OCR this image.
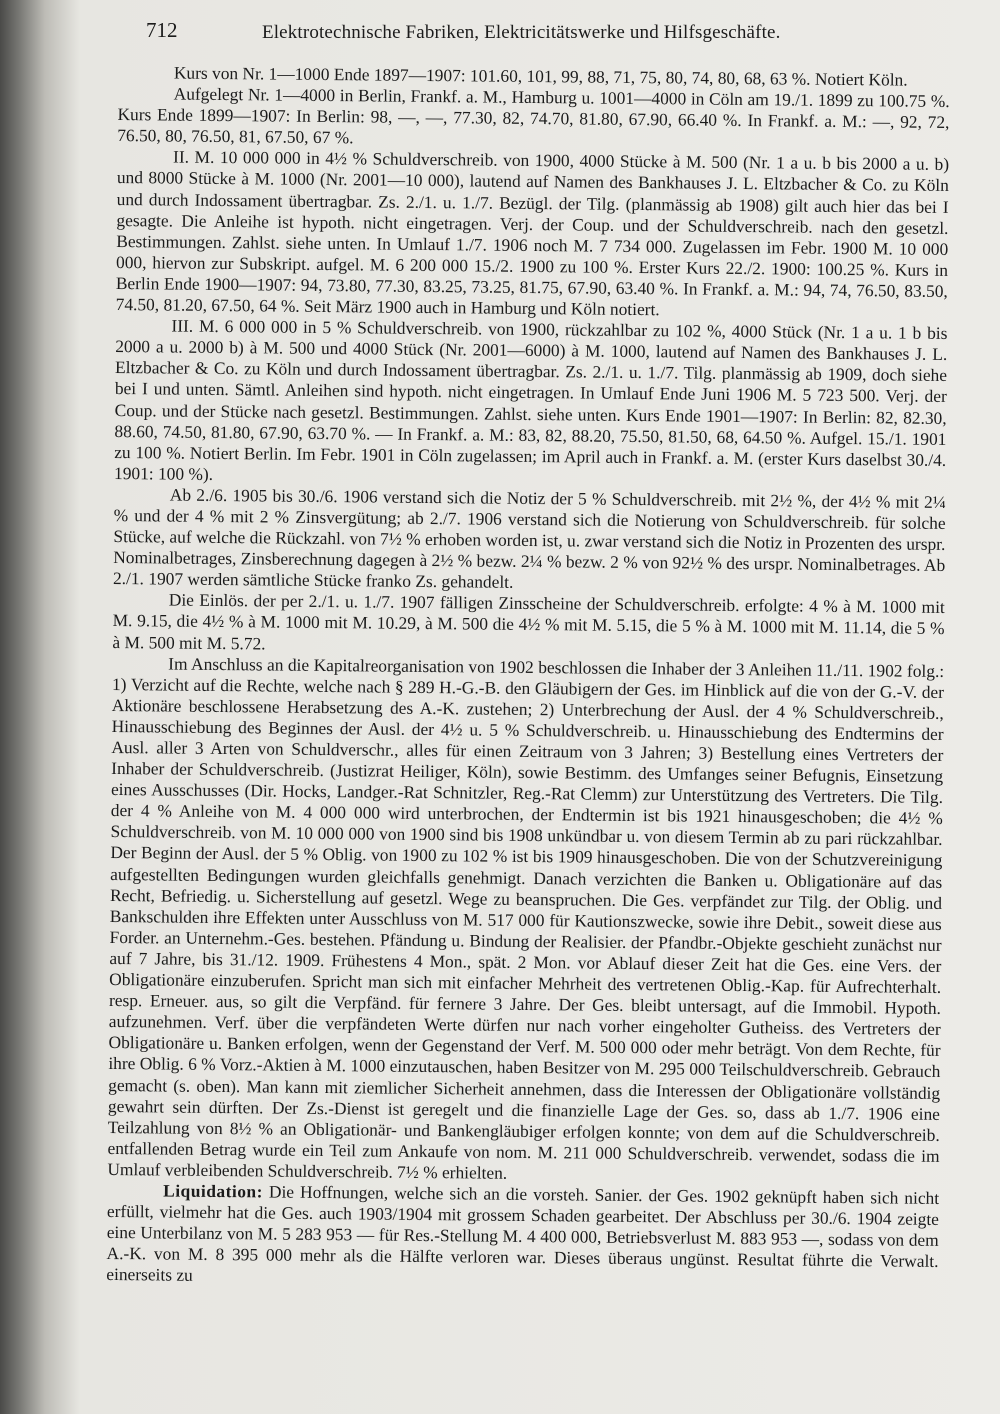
712	Elektrotechnische Fabriken, Elektricitätswerke und Hilfsgeschäfte.

Kurs von Nr. 1—1000 Ende 1897—1907: 101.60, 101, 99, 88, 71, 75, 80, 74, 80, 68, 63 %. Notiert Köln.

Aufgelegt Nr. 1—4000 in Berlin, Frankf. a. M., Hamburg u. 1001—4000 in Cöln am 19./1. 1899 zu 100.75 %. Kurs Ende 1899—1907: In Berlin: 98, —, —, 77.30, 82, 74.70, 81.80, 67.90, 66.40 %. In Frankf. a. M.: —, 92, 72, 76.50, 80, 76.50, 81, 67.50, 67 %.

II. M. 10 000 000 in 4½ % Schuldverschreib. von 1900, 4000 Stücke à M. 500 (Nr. 1 a u. b bis 2000 a u. b) und 8000 Stücke à M. 1000 (Nr. 2001—10 000), lautend auf Namen des Bankhauses J. L. Eltzbacher & Co. zu Köln und durch Indossament übertragbar. Zs. 2./1. u. 1./7. Bezügl. der Tilg. (planmässig ab 1908) gilt auch hier das bei I gesagte. Die Anleihe ist hypoth. nicht eingetragen. Verj. der Coup. und der Schuldverschreib. nach den gesetzl. Bestimmungen. Zahlst. siehe unten. In Umlauf 1./7. 1906 noch M. 7 734 000. Zugelassen im Febr. 1900 M. 10 000 000, hiervon zur Subskript. aufgel. M. 6 200 000 15./2. 1900 zu 100 %. Erster Kurs 22./2. 1900: 100.25 %. Kurs in Berlin Ende 1900—1907: 94, 73.80, 77.30, 83.25, 73.25, 81.75, 67.90, 63.40 %. In Frankf. a. M.: 94, 74, 76.50, 83.50, 74.50, 81.20, 67.50, 64 %. Seit März 1900 auch in Hamburg und Köln notiert.

III. M. 6 000 000 in 5 % Schuldverschreib. von 1900, rückzahlbar zu 102 %, 4000 Stück (Nr. 1 a u. 1 b bis 2000 a u. 2000 b) à M. 500 und 4000 Stück (Nr. 2001—6000) à M. 1000, lautend auf Namen des Bankhauses J. L. Eltzbacher & Co. zu Köln und durch Indossament übertragbar. Zs. 2./1. u. 1./7. Tilg. planmässig ab 1909, doch siehe bei I und unten. Sämtl. Anleihen sind hypoth. nicht eingetragen. In Umlauf Ende Juni 1906 M. 5 723 500. Verj. der Coup. und der Stücke nach gesetzl. Bestimmungen. Zahlst. siehe unten. Kurs Ende 1901—1907: In Berlin: 82, 82.30, 88.60, 74.50, 81.80, 67.90, 63.70 %. — In Frankf. a. M.: 83, 82, 88.20, 75.50, 81.50, 68, 64.50 %. Aufgel. 15./1. 1901 zu 100 %. Notiert Berlin. Im Febr. 1901 in Cöln zugelassen; im April auch in Frankf. a. M. (erster Kurs daselbst 30./4. 1901: 100 %).

Ab 2./6. 1905 bis 30./6. 1906 verstand sich die Notiz der 5 % Schuldverschreib. mit 2½ %, der 4½ % mit 2¼ % und der 4 % mit 2 % Zinsvergütung; ab 2./7. 1906 verstand sich die Notierung von Schuldverschreib. für solche Stücke, auf welche die Rückzahl. von 7½ % erhoben worden ist, u. zwar verstand sich die Notiz in Prozenten des urspr. Nominalbetrages, Zinsberechnung dagegen à 2½ % bezw. 2¼ % bezw. 2 % von 92½ % des urspr. Nominalbetrages. Ab 2./1. 1907 werden sämtliche Stücke franko Zs. gehandelt.

Die Einlös. der per 2./1. u. 1./7. 1907 fälligen Zinsscheine der Schuldverschreib. erfolgte: 4 % à M. 1000 mit M. 9.15, die 4½ % à M. 1000 mit M. 10.29, à M. 500 die 4½ % mit M. 5.15, die 5 % à M. 1000 mit M. 11.14, die 5 % à M. 500 mit M. 5.72.

Im Anschluss an die Kapitalreorganisation von 1902 beschlossen die Inhaber der 3 Anleihen 11./11. 1902 folg.: 1) Verzicht auf die Rechte, welche nach § 289 H.-G.-B. den Gläubigern der Ges. im Hinblick auf die von der G.-V. der Aktionäre beschlossene Herabsetzung des A.-K. zustehen; 2) Unterbrechung der Ausl. der 4 % Schuldverschreib., Hinausschiebung des Beginnes der Ausl. der 4½ u. 5 % Schuldverschreib. u. Hinausschiebung des Endtermins der Ausl. aller 3 Arten von Schuldverschr., alles für einen Zeitraum von 3 Jahren; 3) Bestellung eines Vertreters der Inhaber der Schuldverschreib. (Justizrat Heiliger, Köln), sowie Bestimm. des Umfanges seiner Befugnis, Einsetzung eines Ausschusses (Dir. Hocks, Landger.-Rat Schnitzler, Reg.-Rat Clemm) zur Unterstützung des Vertreters. Die Tilg. der 4 % Anleihe von M. 4 000 000 wird unterbrochen, der Endtermin ist bis 1921 hinausgeschoben; die 4½ % Schuldverschreib. von M. 10 000 000 von 1900 sind bis 1908 unkündbar u. von diesem Termin ab zu pari rückzahlbar. Der Beginn der Ausl. der 5 % Oblig. von 1900 zu 102 % ist bis 1909 hinausgeschoben. Die von der Schutzvereinigung aufgestellten Bedingungen wurden gleichfalls genehmigt. Danach verzichten die Banken u. Obligationäre auf das Recht, Befriedig. u. Sicherstellung auf gesetzl. Wege zu beanspruchen. Die Ges. verpfändet zur Tilg. der Oblig. und Bankschulden ihre Effekten unter Ausschluss von M. 517 000 für Kautionszwecke, sowie ihre Debit., soweit diese aus Forder. an Unternehm.-Ges. bestehen. Pfändung u. Bindung der Realisier. der Pfandbr.-Objekte geschieht zunächst nur auf 7 Jahre, bis 31./12. 1909. Frühestens 4 Mon., spät. 2 Mon. vor Ablauf dieser Zeit hat die Ges. eine Vers. der Obligationäre einzuberufen. Spricht man sich mit einfacher Mehrheit des vertretenen Oblig.-Kap. für Aufrechterhalt. resp. Erneuer. aus, so gilt die Verpfänd. für fernere 3 Jahre. Der Ges. bleibt untersagt, auf die Immobil. Hypoth. aufzunehmen. Verf. über die verpfändeten Werte dürfen nur nach vorher eingeholter Gutheiss. des Vertreters der Obligationäre u. Banken erfolgen, wenn der Gegenstand der Verf. M. 500 000 oder mehr beträgt. Von dem Rechte, für ihre Oblig. 6 % Vorz.-Aktien à M. 1000 einzutauschen, haben Besitzer von M. 295 000 Teilschuldverschreib. Gebrauch gemacht (s. oben). Man kann mit ziemlicher Sicherheit annehmen, dass die Interessen der Obligationäre vollständig gewahrt sein dürften. Der Zs.-Dienst ist geregelt und die finanzielle Lage der Ges. so, dass ab 1./7. 1906 eine Teilzahlung von 8½ % an Obligationär- und Bankengläubiger erfolgen konnte; von dem auf die Schuldverschreib. entfallenden Betrag wurde ein Teil zum Ankaufe von nom. M. 211 000 Schuldverschreib. verwendet, sodass die im Umlauf verbleibenden Schuldverschreib. 7½ % erhielten.

Liquidation: Die Hoffnungen, welche sich an die vorsteh. Sanier. der Ges. 1902 geknüpft haben sich nicht erfüllt, vielmehr hat die Ges. auch 1903/1904 mit grossem Schaden gearbeitet. Der Abschluss per 30./6. 1904 zeigte eine Unterbilanz von M. 5 283 953 — für Res.-Stellung M. 4 400 000, Betriebsverlust M. 883 953 —, sodass von dem A.-K. von M. 8 395 000 mehr als die Hälfte verloren war. Dieses überaus ungünst. Resultat führte die Verwalt. einerseits zu
